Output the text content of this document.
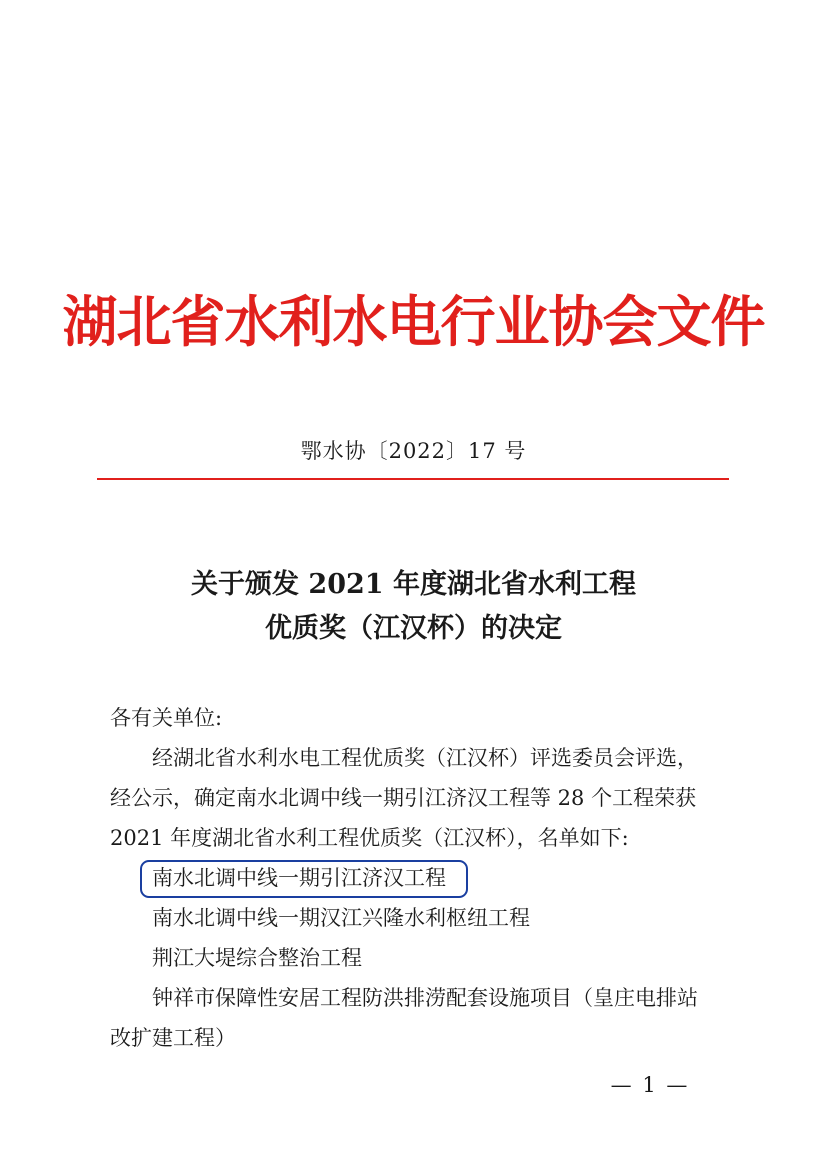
湖北省水利水电行业协会文件
鄂水协〔2022〕17 号
关于颁发 2021 年度湖北省水利工程
优质奖（江汉杯）的决定
各有关单位:
经湖北省水利水电工程优质奖（江汉杯）评选委员会评选，
经公示，确定南水北调中线一期引江济汉工程等 28 个工程荣获
2021 年度湖北省水利工程优质奖（江汉杯），名单如下:
南水北调中线一期引江济汉工程
南水北调中线一期汉江兴隆水利枢纽工程
荆江大堤综合整治工程
钟祥市保障性安居工程防洪排涝配套设施项目（皇庄电排站
改扩建工程）
— 1 —
